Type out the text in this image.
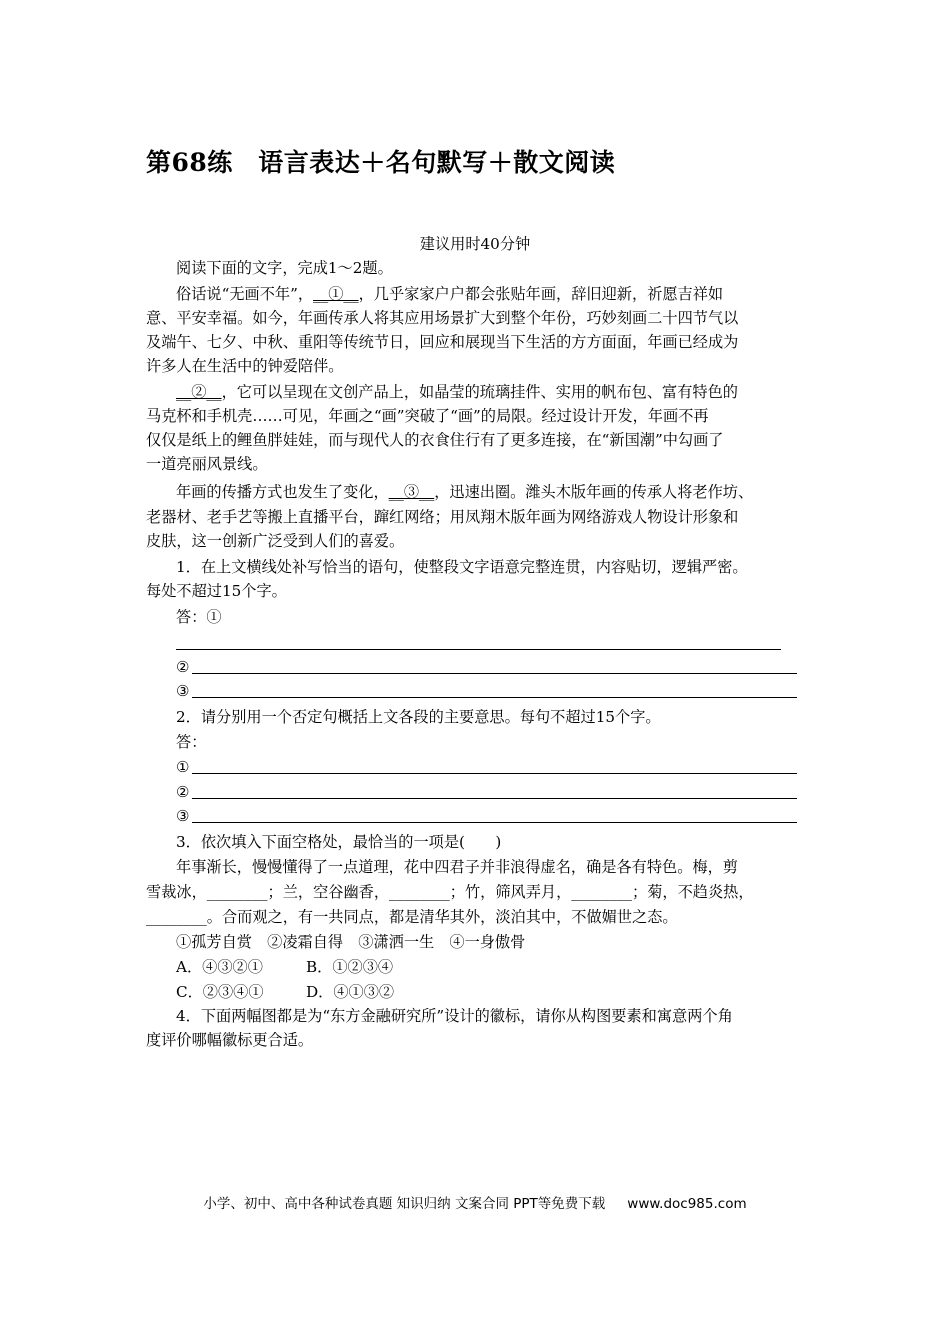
第68练　语言表达＋名句默写＋散文阅读
建议用时40分钟
阅读下面的文字，完成1～2题。
俗话说“无画不年”，__①__，几乎家家户户都会张贴年画，辞旧迎新，祈愿吉祥如
意、平安幸福。如今，年画传承人将其应用场景扩大到整个年份，巧妙刻画二十四节气以
及端午、七夕、中秋、重阳等传统节日，回应和展现当下生活的方方面面，年画已经成为
许多人在生活中的钟爱陪伴。
__②__，它可以呈现在文创产品上，如晶莹的琉璃挂件、实用的帆布包、富有特色的
马克杯和手机壳……可见，年画之“画”突破了“画”的局限。经过设计开发，年画不再
仅仅是纸上的鲤鱼胖娃娃，而与现代人的衣食住行有了更多连接，在“新国潮”中勾画了
一道亮丽风景线。
年画的传播方式也发生了变化，__③__，迅速出圈。潍头木版年画的传承人将老作坊、
老器材、老手艺等搬上直播平台，蹿红网络；用凤翔木版年画为网络游戏人物设计形象和
皮肤，这一创新广泛受到人们的喜爱。
1．在上文横线处补写恰当的语句，使整段文字语意完整连贯，内容贴切，逻辑严密。
每处不超过15个字。
答：①
②
③
2．请分别用一个否定句概括上文各段的主要意思。每句不超过15个字。
答：
①
②
③
3．依次填入下面空格处，最恰当的一项是(　　)
年事渐长，慢慢懂得了一点道理，花中四君子并非浪得虚名，确是各有特色。梅，剪
雪裁冰，________；兰，空谷幽香，________；竹，筛风弄月，________；菊，不趋炎热，
________。合而观之，有一共同点，都是清华其外，淡泊其中，不做媚世之态。
①孤芳自赏　②凌霜自得　③潇洒一生　④一身傲骨
A．④③②①	B．①②③④
C．②③④①	D．④①③②
4．下面两幅图都是为“东方金融研究所”设计的徽标，请你从构图要素和寓意两个角
度评价哪幅徽标更合适。
小学、初中、高中各种试卷真题 知识归纳 文案合同 PPT等免费下载 www.doc985.com
